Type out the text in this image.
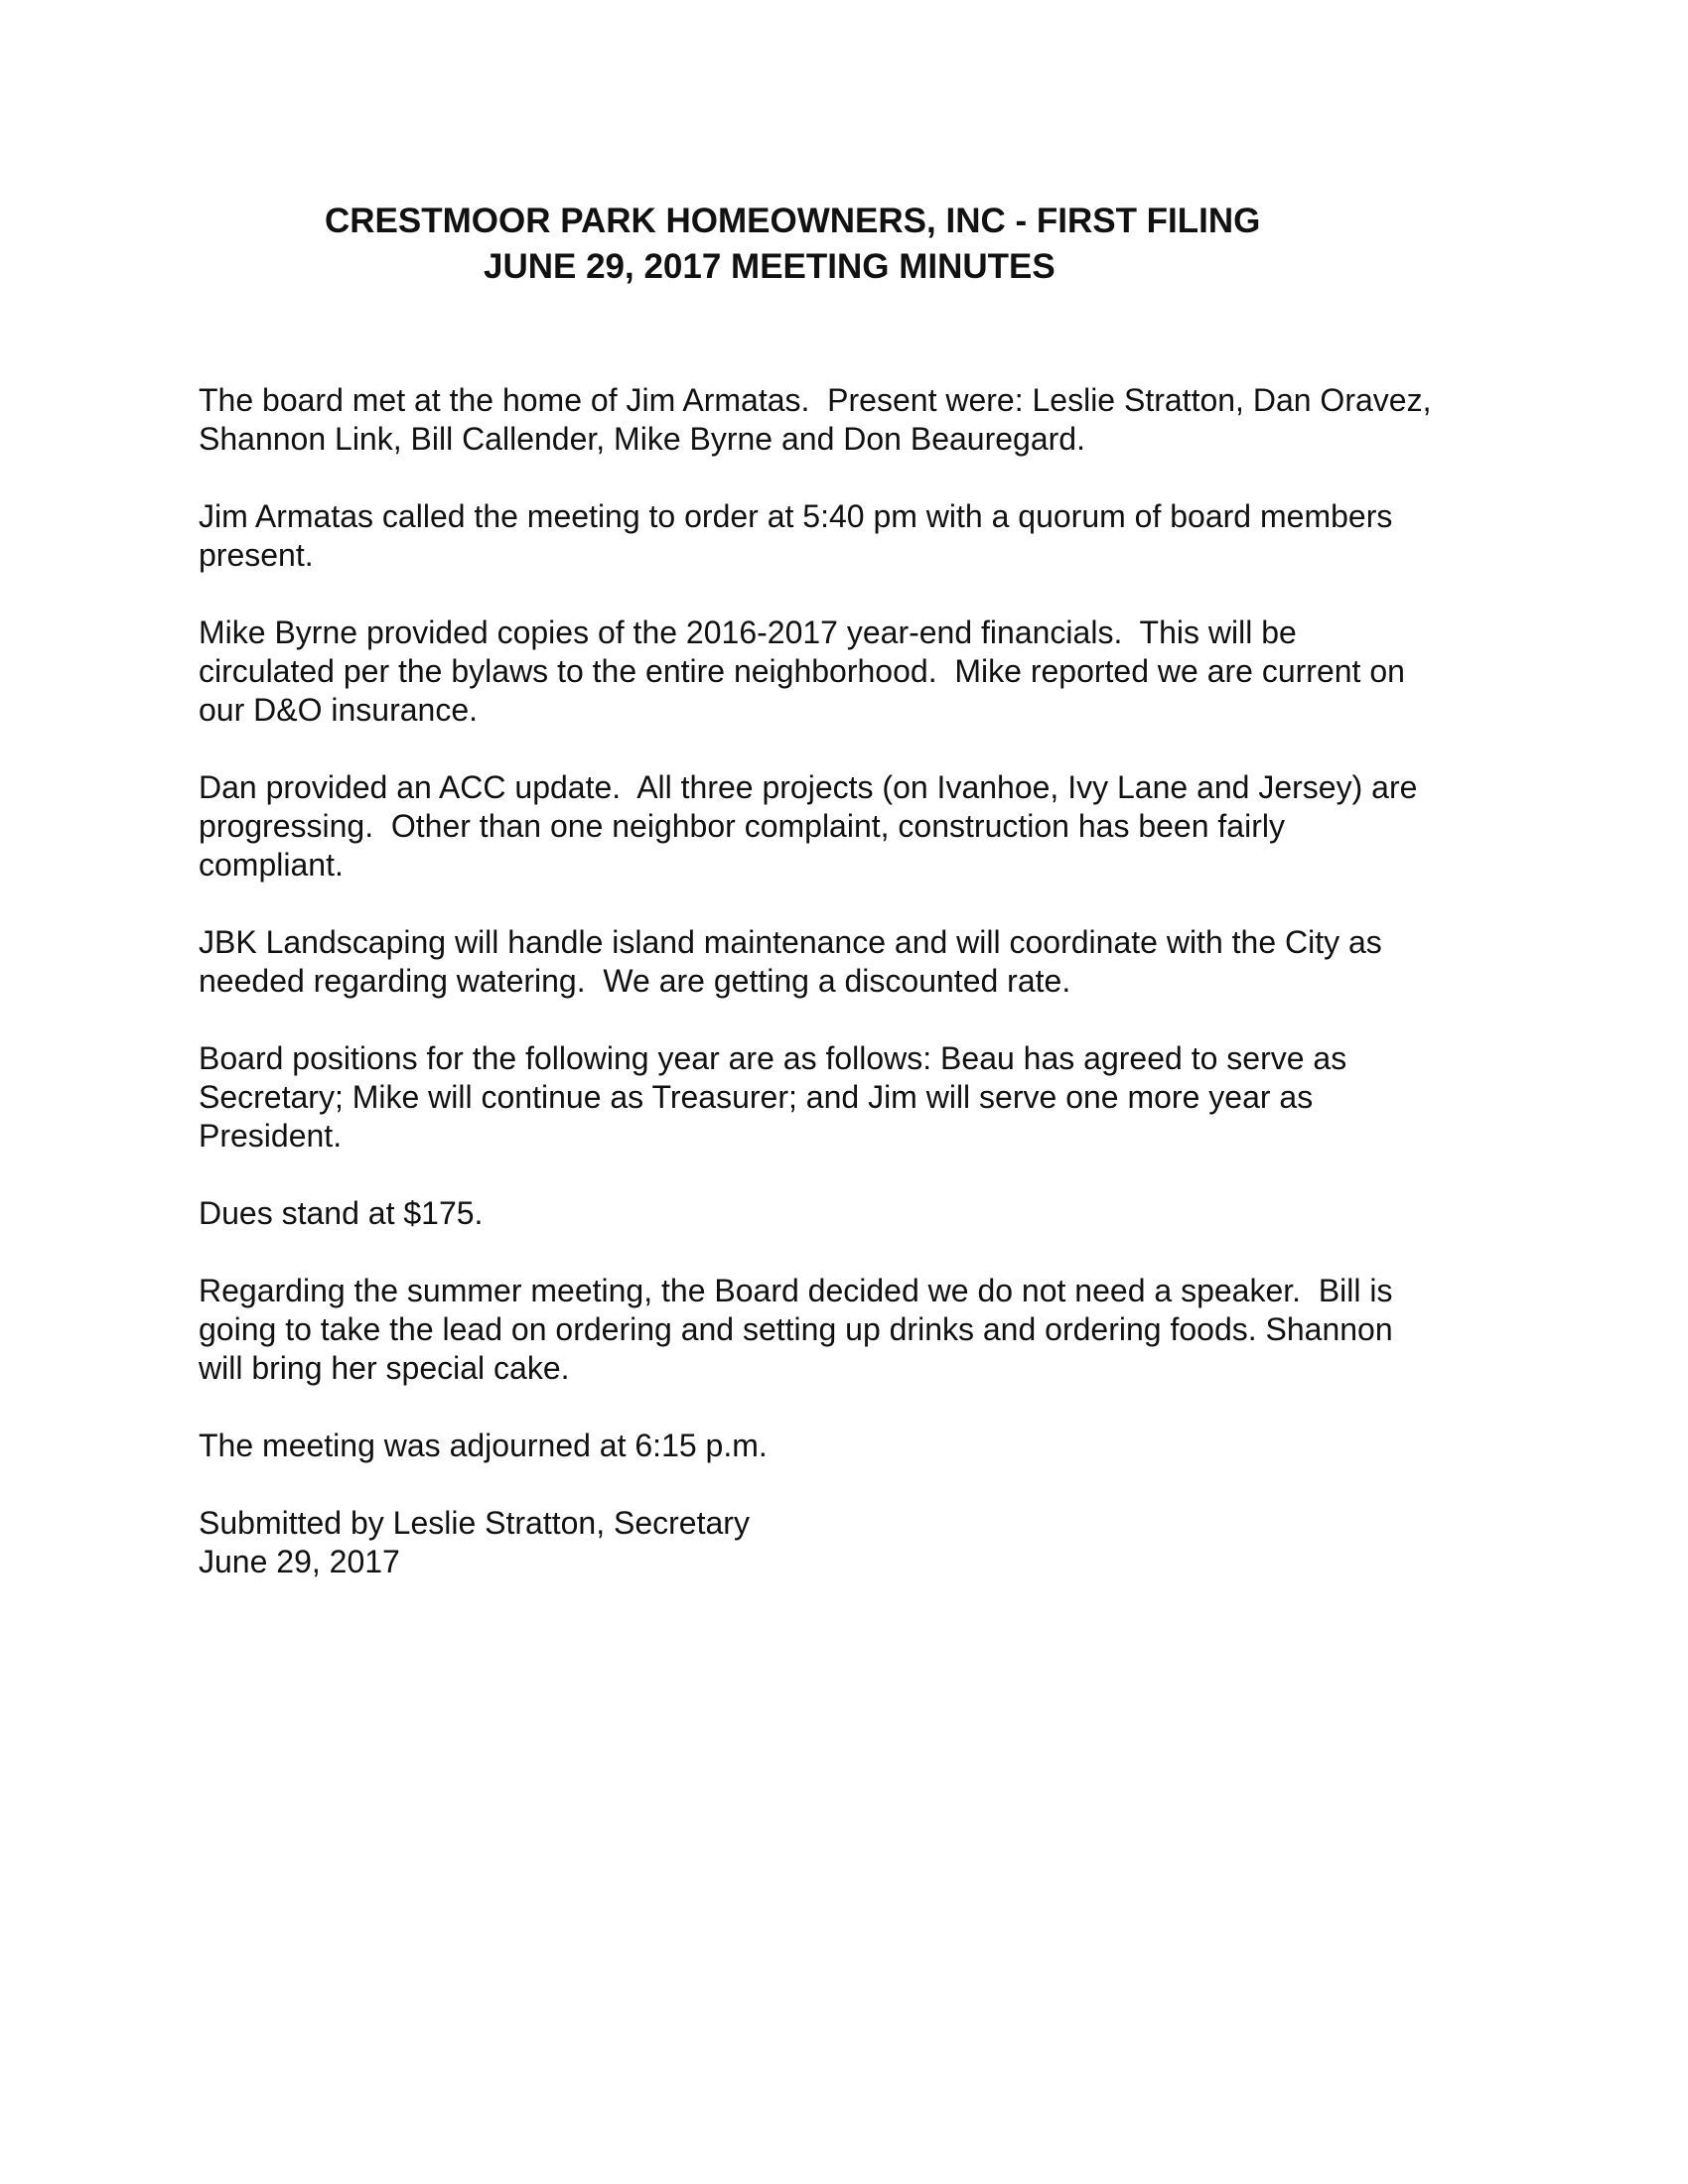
CRESTMOOR PARK HOMEOWNERS, INC - FIRST FILING

JUNE 29, 2017 MEETING MINUTES

The board met at the home of Jim Armatas.  Present were: Leslie Stratton, Dan Oravez,
Shannon Link, Bill Callender, Mike Byrne and Don Beauregard.
Jim Armatas called the meeting to order at 5:40 pm with a quorum of board members
present.
Mike Byrne provided copies of the 2016-2017 year-end financials.  This will be
circulated per the bylaws to the entire neighborhood.  Mike reported we are current on
our D&O insurance.
Dan provided an ACC update.  All three projects (on Ivanhoe, Ivy Lane and Jersey) are
progressing.  Other than one neighbor complaint, construction has been fairly
compliant.
JBK Landscaping will handle island maintenance and will coordinate with the City as
needed regarding watering.  We are getting a discounted rate.
Board positions for the following year are as follows: Beau has agreed to serve as
Secretary; Mike will continue as Treasurer; and Jim will serve one more year as
President.
Dues stand at $175.
Regarding the summer meeting, the Board decided we do not need a speaker.  Bill is
going to take the lead on ordering and setting up drinks and ordering foods. Shannon
will bring her special cake.
The meeting was adjourned at 6:15 p.m.
Submitted by Leslie Stratton, Secretary
June 29, 2017
